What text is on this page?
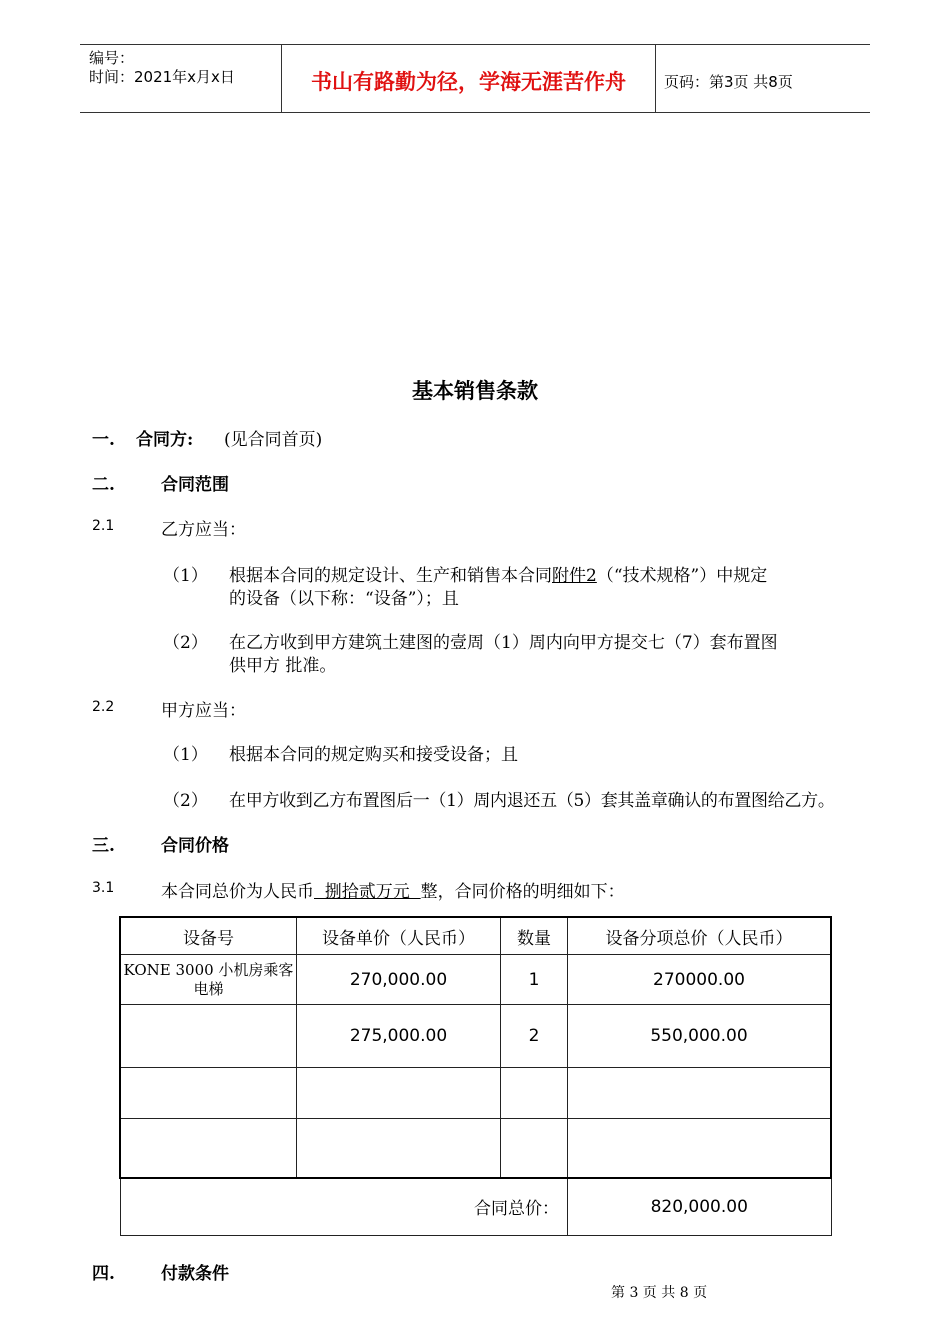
编号：
时间：2021年x月x日	书山有路勤为径，学海无涯苦作舟	页码：第3页 共8页
基本销售条款
一. 合同方: (见合同首页)
二.	合同范围
2.1	乙方应当：
（1） 根据本合同的规定设计、生产和销售本合同附件2（“技术规格”）中规定
的设备（以下称：“设备”）；且
（2） 在乙方收到甲方建筑土建图的壹周（1）周内向甲方提交七（7）套布置图
供甲方 批准。
2.2	甲方应当：
（1） 根据本合同的规定购买和接受设备；且
（2） 在甲方收到乙方布置图后一（1）周内退还五（5）套其盖章确认的布置图给乙方。
三.	合同价格
3.1	本合同总价为人民币  捌拾贰万元  整，合同价格的明细如下：
设备号	设备单价（人民币）	数量	设备分项总价（人民币）
KONE 3000 小机房乘客电梯	270,000.00	1	270000.00
	275,000.00	2	550,000.00

合同总价：			820,000.00
四.	付款条件
第 3 页 共 8 页
